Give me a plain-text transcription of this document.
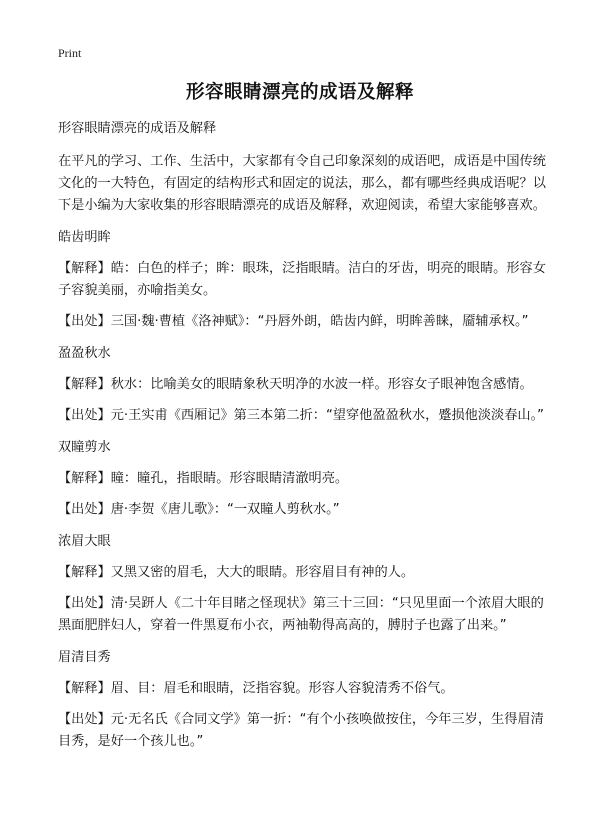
Print
形容眼睛漂亮的成语及解释

形容眼睛漂亮的成语及解释

在平凡的学习、工作、生活中，大家都有令自己印象深刻的成语吧，成语是中国传统文化的一大特色，有固定的结构形式和固定的说法，那么，都有哪些经典成语呢？以下是小编为大家收集的形容眼睛漂亮的成语及解释，欢迎阅读，希望大家能够喜欢。

皓齿明眸

【解释】皓：白色的样子；眸：眼珠，泛指眼睛。洁白的牙齿，明亮的眼睛。形容女子容貌美丽，亦喻指美女。

【出处】三国·魏·曹植《洛神赋》：“丹唇外朗，皓齿内鲜，明眸善睐，靥辅承权。”

盈盈秋水

【解释】秋水：比喻美女的眼睛象秋天明净的水波一样。形容女子眼神饱含感情。

【出处】元·王实甫《西厢记》第三本第二折：“望穿他盈盈秋水，蹙损他淡淡春山。”

双瞳剪水

【解释】瞳：瞳孔，指眼睛。形容眼睛清澈明亮。

【出处】唐·李贺《唐儿歌》：“一双瞳人剪秋水。”

浓眉大眼

【解释】又黑又密的眉毛，大大的眼睛。形容眉目有神的人。

【出处】清·吴趼人《二十年目睹之怪现状》第三十三回：“只见里面一个浓眉大眼的黑面肥胖妇人，穿着一件黑夏布小衣，两袖勒得高高的，膊肘子也露了出来。”

眉清目秀

【解释】眉、目：眉毛和眼睛，泛指容貌。形容人容貌清秀不俗气。

【出处】元·无名氏《合同文学》第一折：“有个小孩唤做按住，今年三岁，生得眉清目秀，是好一个孩儿也。”
